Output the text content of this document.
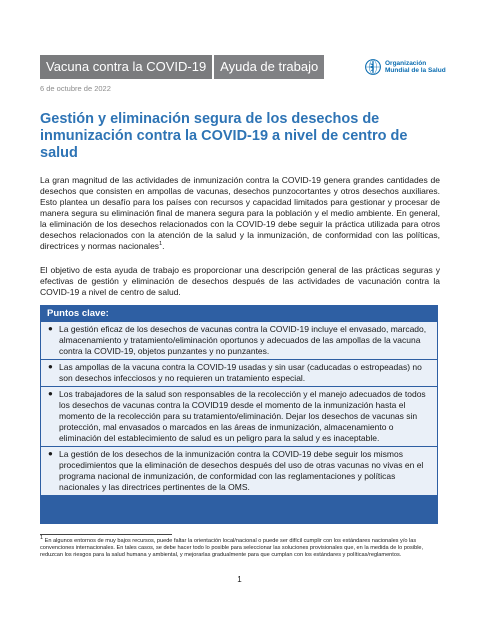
Vacuna contra la COVID-19	Ayuda de trabajo	Organización
Mundial de la Salud
6 de octubre de 2022
Gestión y eliminación segura de los desechos de inmunización contra la COVID-19 a nivel de centro de salud

La gran magnitud de las actividades de inmunización contra la COVID-19 genera grandes cantidades de desechos que consisten en ampollas de vacunas, desechos punzocortantes y otros desechos auxiliares. Esto plantea un desafío para los países con recursos y capacidad limitados para gestionar y procesar de manera segura su eliminación final de manera segura para la población y el medio ambiente. En general, la eliminación de los desechos relacionados con la COVID-19 debe seguir la práctica utilizada para otros desechos relacionados con la atención de la salud y la inmunización, de conformidad con las políticas, directrices y normas nacionales$^1$.

El objetivo de esta ayuda de trabajo es proporcionar una descripción general de las prácticas seguras y efectivas de gestión y eliminación de desechos después de las actividades de vacunación contra la COVID-19 a nivel de centro de salud.

Puntos clave:
● La gestión eficaz de los desechos de vacunas contra la COVID-19 incluye el envasado, marcado, almacenamiento y tratamiento/eliminación oportunos y adecuados de las ampollas de la vacuna contra la COVID-19, objetos punzantes y no punzantes.
● Las ampollas de la vacuna contra la COVID-19 usadas y sin usar (caducadas o estropeadas) no son desechos infecciosos y no requieren un tratamiento especial.
● Los trabajadores de la salud son responsables de la recolección y el manejo adecuados de todos los desechos de vacunas contra la COVID19 desde el momento de la inmunización hasta el momento de la recolección para su tratamiento/eliminación. Dejar los desechos de vacunas sin protección, mal envasados o marcados en las áreas de inmunización, almacenamiento o eliminación del establecimiento de salud es un peligro para la salud y es inaceptable.
● La gestión de los desechos de la inmunización contra la COVID-19 debe seguir los mismos procedimientos que la eliminación de desechos después del uso de otras vacunas no vivas en el programa nacional de inmunización, de conformidad con las reglamentaciones y políticas nacionales y las directrices pertinentes de la OMS.

1 En algunos entornos de muy bajos recursos, puede faltar la orientación local/nacional o puede ser difícil cumplir con los estándares nacionales y/o las convenciones internacionales. En tales casos, se debe hacer todo lo posible para seleccionar las soluciones provisionales que, en la medida de lo posible, reduzcan los riesgos para la salud humana y ambiental, y mejorarlas gradualmente para que cumplan con los estándares y políticas/reglamentos.

1
